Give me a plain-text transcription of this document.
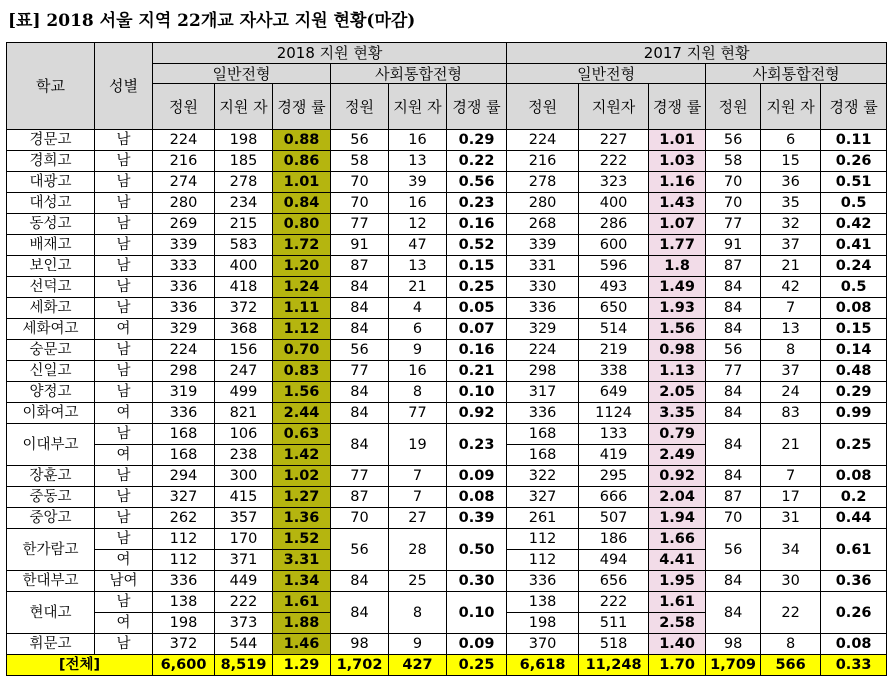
[표] 2018 서울 지역 22개교 자사고 지원 현황(마감)
학교	성별	2018 지원 현황						2017 지원 현황					
		일반전형			사회통합전형			일반전형			사회통합전형		
		정원	지원 자	경쟁 률	정원	지원 자	경쟁 률	정원	지원자	경쟁 률	정원	지원 자	경쟁 률
경문고	남	224	198	0.88	56	16	0.29	224	227	1.01	56	6	0.11
경희고	남	216	185	0.86	58	13	0.22	216	222	1.03	58	15	0.26
대광고	남	274	278	1.01	70	39	0.56	278	323	1.16	70	36	0.51
대성고	남	280	234	0.84	70	16	0.23	280	400	1.43	70	35	0.5
동성고	남	269	215	0.80	77	12	0.16	268	286	1.07	77	32	0.42
배재고	남	339	583	1.72	91	47	0.52	339	600	1.77	91	37	0.41
보인고	남	333	400	1.20	87	13	0.15	331	596	1.8	87	21	0.24
선덕고	남	336	418	1.24	84	21	0.25	330	493	1.49	84	42	0.5
세화고	남	336	372	1.11	84	4	0.05	336	650	1.93	84	7	0.08
세화여고	여	329	368	1.12	84	6	0.07	329	514	1.56	84	13	0.15
숭문고	남	224	156	0.70	56	9	0.16	224	219	0.98	56	8	0.14
신일고	남	298	247	0.83	77	16	0.21	298	338	1.13	77	37	0.48
양정고	남	319	499	1.56	84	8	0.10	317	649	2.05	84	24	0.29
이화여고	여	336	821	2.44	84	77	0.92	336	1124	3.35	84	83	0.99
이대부고	남	168	106	0.63	84	19	0.23	168	133	0.79	84	21	0.25
	여	168	238	1.42				168	419	2.49			
장훈고	남	294	300	1.02	77	7	0.09	322	295	0.92	84	7	0.08
중동고	남	327	415	1.27	87	7	0.08	327	666	2.04	87	17	0.2
중앙고	남	262	357	1.36	70	27	0.39	261	507	1.94	70	31	0.44
한가람고	남	112	170	1.52	56	28	0.50	112	186	1.66	56	34	0.61
	여	112	371	3.31				112	494	4.41			
한대부고	남여	336	449	1.34	84	25	0.30	336	656	1.95	84	30	0.36
현대고	남	138	222	1.61	84	8	0.10	138	222	1.61	84	22	0.26
	여	198	373	1.88				198	511	2.58			
휘문고	남	372	544	1.46	98	9	0.09	370	518	1.40	98	8	0.08
[전체]		6,600	8,519	1.29	1,702	427	0.25	6,618	11,248	1.70	1,709	566	0.33
